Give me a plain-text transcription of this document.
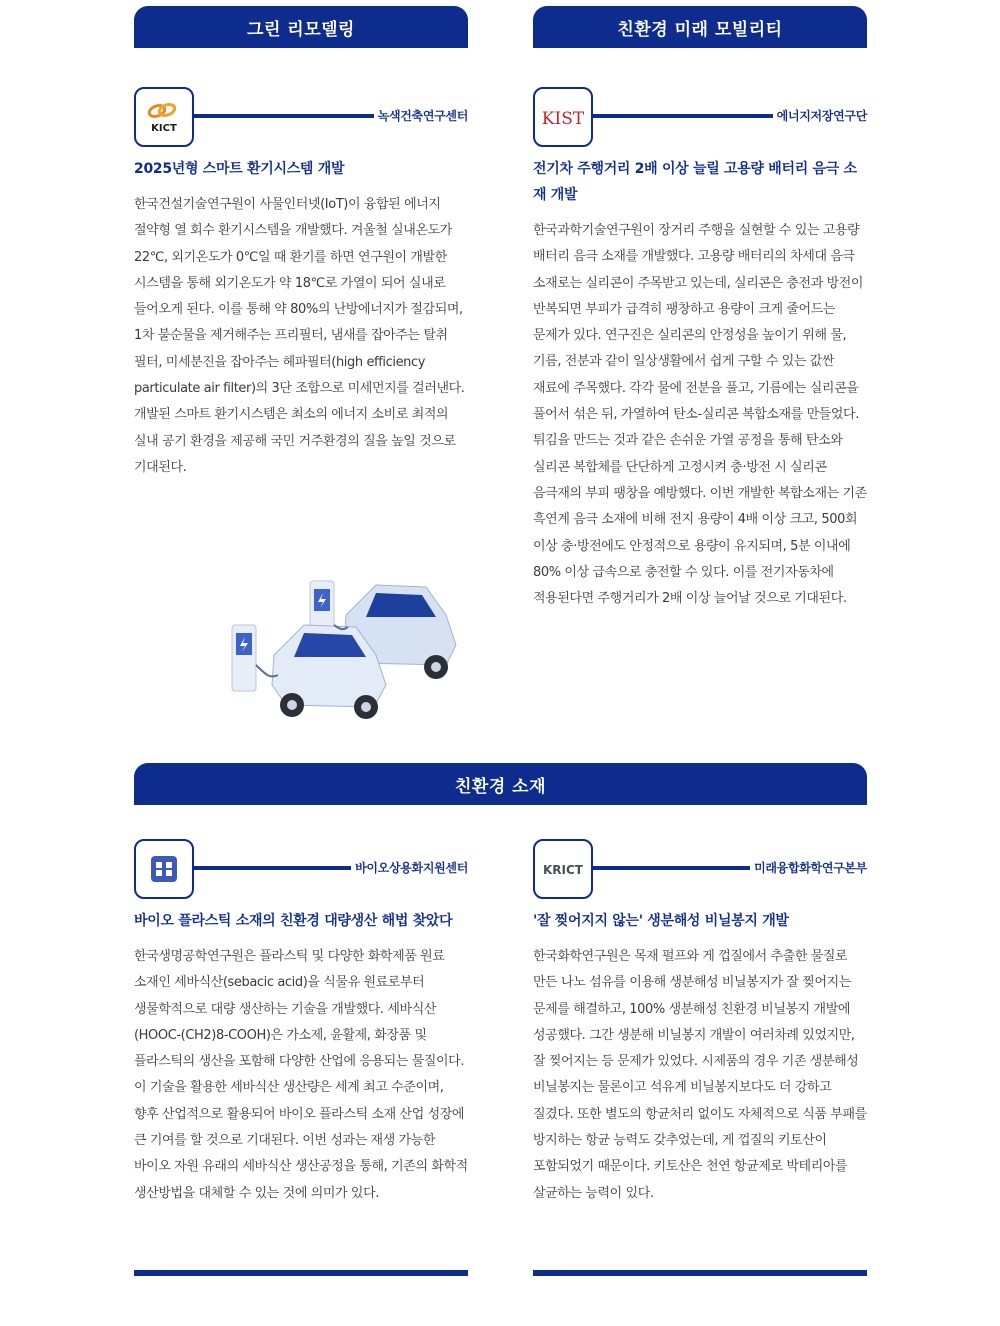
그린 리모델링	친환경 미래 모빌리티
친환경 소재
KICT
녹색건축연구센터
2025년형 스마트 환기시스템 개발
한국건설기술연구원이 사물인터넷(IoT)이 융합된 에너지 절약형 열 회수 환기시스템을 개발했다. 겨울철 실내온도가 22℃, 외기온도가 0℃일 때 환기를 하면 연구원이 개발한 시스템을 통해 외기온도가 약 18℃로 가열이 되어 실내로 들어오게 된다. 이를 통해 약 80%의 난방에너지가 절감되며, 1차 불순물을 제거해주는 프리필터, 냄새를 잡아주는 탈취 필터, 미세분진을 잡아주는 헤파필터(high efficiency particulate air filter)의 3단 조합으로 미세먼지를 걸러낸다. 개발된 스마트 환기시스템은 최소의 에너지 소비로 최적의 실내 공기 환경을 제공해 국민 거주환경의 질을 높일 것으로 기대된다.
KIST	에너지저장연구단
전기차 주행거리 2배 이상 늘릴 고용량 배터리 음극 소재 개발
한국과학기술연구원이 장거리 주행을 실현할 수 있는 고용량 배터리 음극 소재를 개발했다. 고용량 배터리의 차세대 음극 소재로는 실리콘이 주목받고 있는데, 실리콘은 충전과 방전이 반복되면 부피가 급격히 팽창하고 용량이 크게 줄어드는 문제가 있다. 연구진은 실리콘의 안정성을 높이기 위해 물, 기름, 전분과 같이 일상생활에서 쉽게 구할 수 있는 값싼 재료에 주목했다. 각각 물에 전분을 풀고, 기름에는 실리콘을 풀어서 섞은 뒤, 가열하여 탄소-실리콘 복합소재를 만들었다. 튀김을 만드는 것과 같은 손쉬운 가열 공정을 통해 탄소와 실리콘 복합체를 단단하게 고정시켜 충·방전 시 실리콘 음극재의 부피 팽창을 예방했다. 이번 개발한 복합소재는 기존 흑연계 음극 소재에 비해 전지 용량이 4배 이상 크고, 500회 이상 충·방전에도 안정적으로 용량이 유지되며, 5분 이내에 80% 이상 급속으로 충전할 수 있다. 이를 전기자동차에 적용된다면 주행거리가 2배 이상 늘어날 것으로 기대된다.
바이오상용화지원센터
바이오 플라스틱 소재의 친환경 대량생산 해법 찾았다
한국생명공학연구원은 플라스틱 및 다양한 화학제품 원료 소재인 세바식산(sebacic acid)을 식물유 원료로부터 생물학적으로 대량 생산하는 기술을 개발했다. 세바식산(HOOC-(CH2)8-COOH)은 가소제, 윤활제, 화장품 및 플라스틱의 생산을 포함해 다양한 산업에 응용되는 물질이다. 이 기술을 활용한 세바식산 생산량은 세계 최고 수준이며, 향후 산업적으로 활용되어 바이오 플라스틱 소재 산업 성장에 큰 기여를 할 것으로 기대된다. 이번 성과는 재생 가능한 바이오 자원 유래의 세바식산 생산공정을 통해, 기존의 화학적 생산방법을 대체할 수 있는 것에 의미가 있다.
KRICT	미래융합화학연구본부
'잘 찢어지지 않는' 생분해성 비닐봉지 개발
한국화학연구원은 목재 펄프와 게 껍질에서 추출한 물질로 만든 나노 섬유를 이용해 생분해성 비닐봉지가 잘 찢어지는 문제를 해결하고, 100% 생분해성 친환경 비닐봉지 개발에 성공했다. 그간 생분해 비닐봉지 개발이 여러차례 있었지만, 잘 찢어지는 등 문제가 있었다. 시제품의 경우 기존 생분해성 비닐봉지는 물론이고 석유계 비닐봉지보다도 더 강하고 질겼다. 또한 별도의 항균처리 없이도 자체적으로 식품 부패를 방지하는 항균 능력도 갖추었는데, 게 껍질의 키토산이 포함되었기 때문이다. 키토산은 천연 항균제로 박테리아를 살균하는 능력이 있다.
